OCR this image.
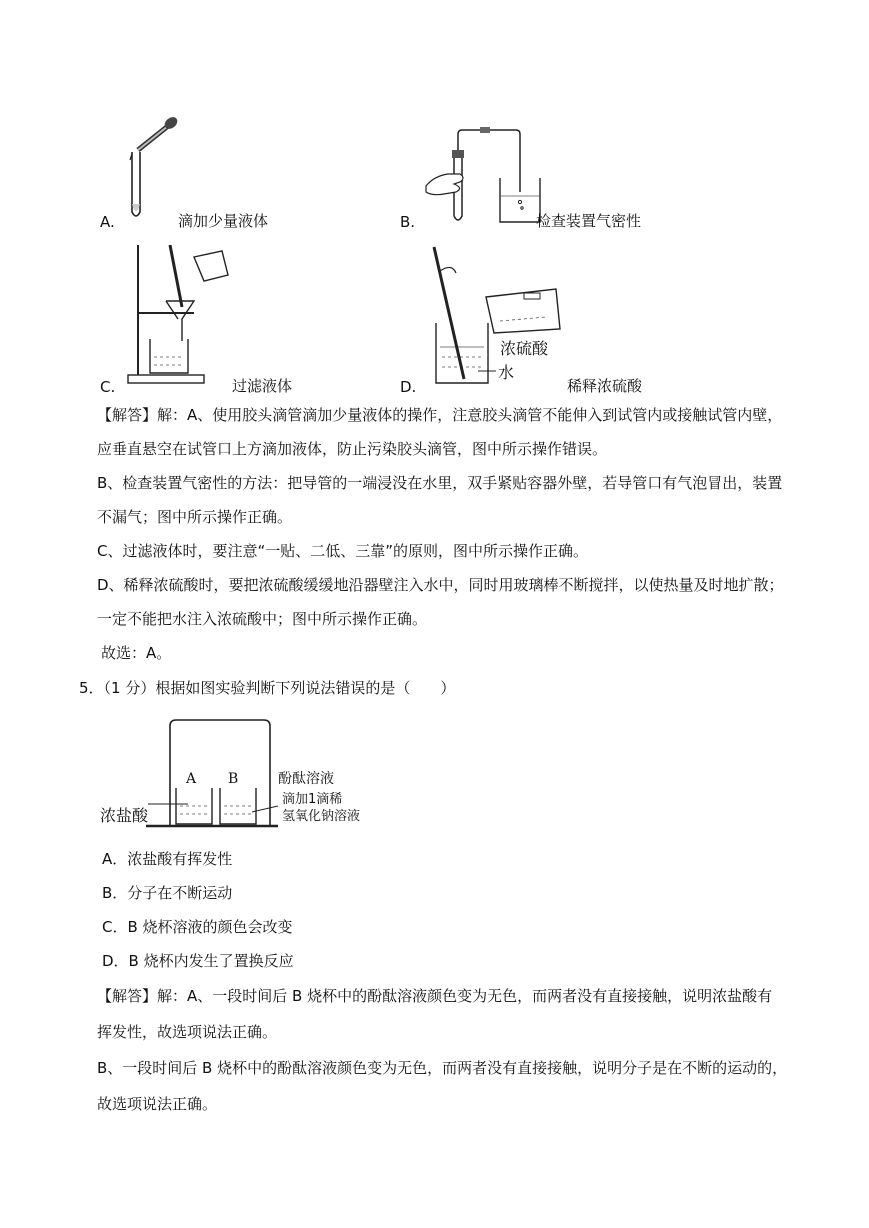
A.	滴加少量液体	B.	检查装置气密性
C.	过滤液体
浓硫酸
水
D.	稀释浓硫酸

【解答】解：A、使用胶头滴管滴加少量液体的操作，注意胶头滴管不能伸入到试管内或接触试管内壁，

应垂直悬空在试管口上方滴加液体，防止污染胶头滴管，图中所示操作错误。

B、检查装置气密性的方法：把导管的一端浸没在水里，双手紧贴容器外壁，若导管口有气泡冒出，装置

不漏气；图中所示操作正确。

C、过滤液体时，要注意“一贴、二低、三靠”的原则，图中所示操作正确。

D、稀释浓硫酸时，要把浓硫酸缓缓地沿器壁注入水中，同时用玻璃棒不断搅拌，以使热量及时地扩散；

一定不能把水注入浓硫酸中；图中所示操作正确。

故选：A。

5．（1 分）根据如图实验判断下列说法错误的是（　　）
A B	酚酞溶液
滴加1滴稀
氢氧化钠溶液
浓盐酸

A．浓盐酸有挥发性

B．分子在不断运动

C．B 烧杯溶液的颜色会改变

D．B 烧杯内发生了置换反应

【解答】解：A、一段时间后 B 烧杯中的酚酞溶液颜色变为无色，而两者没有直接接触，说明浓盐酸有

挥发性，故选项说法正确。

B、一段时间后 B 烧杯中的酚酞溶液颜色变为无色，而两者没有直接接触，说明分子是在不断的运动的，

故选项说法正确。
